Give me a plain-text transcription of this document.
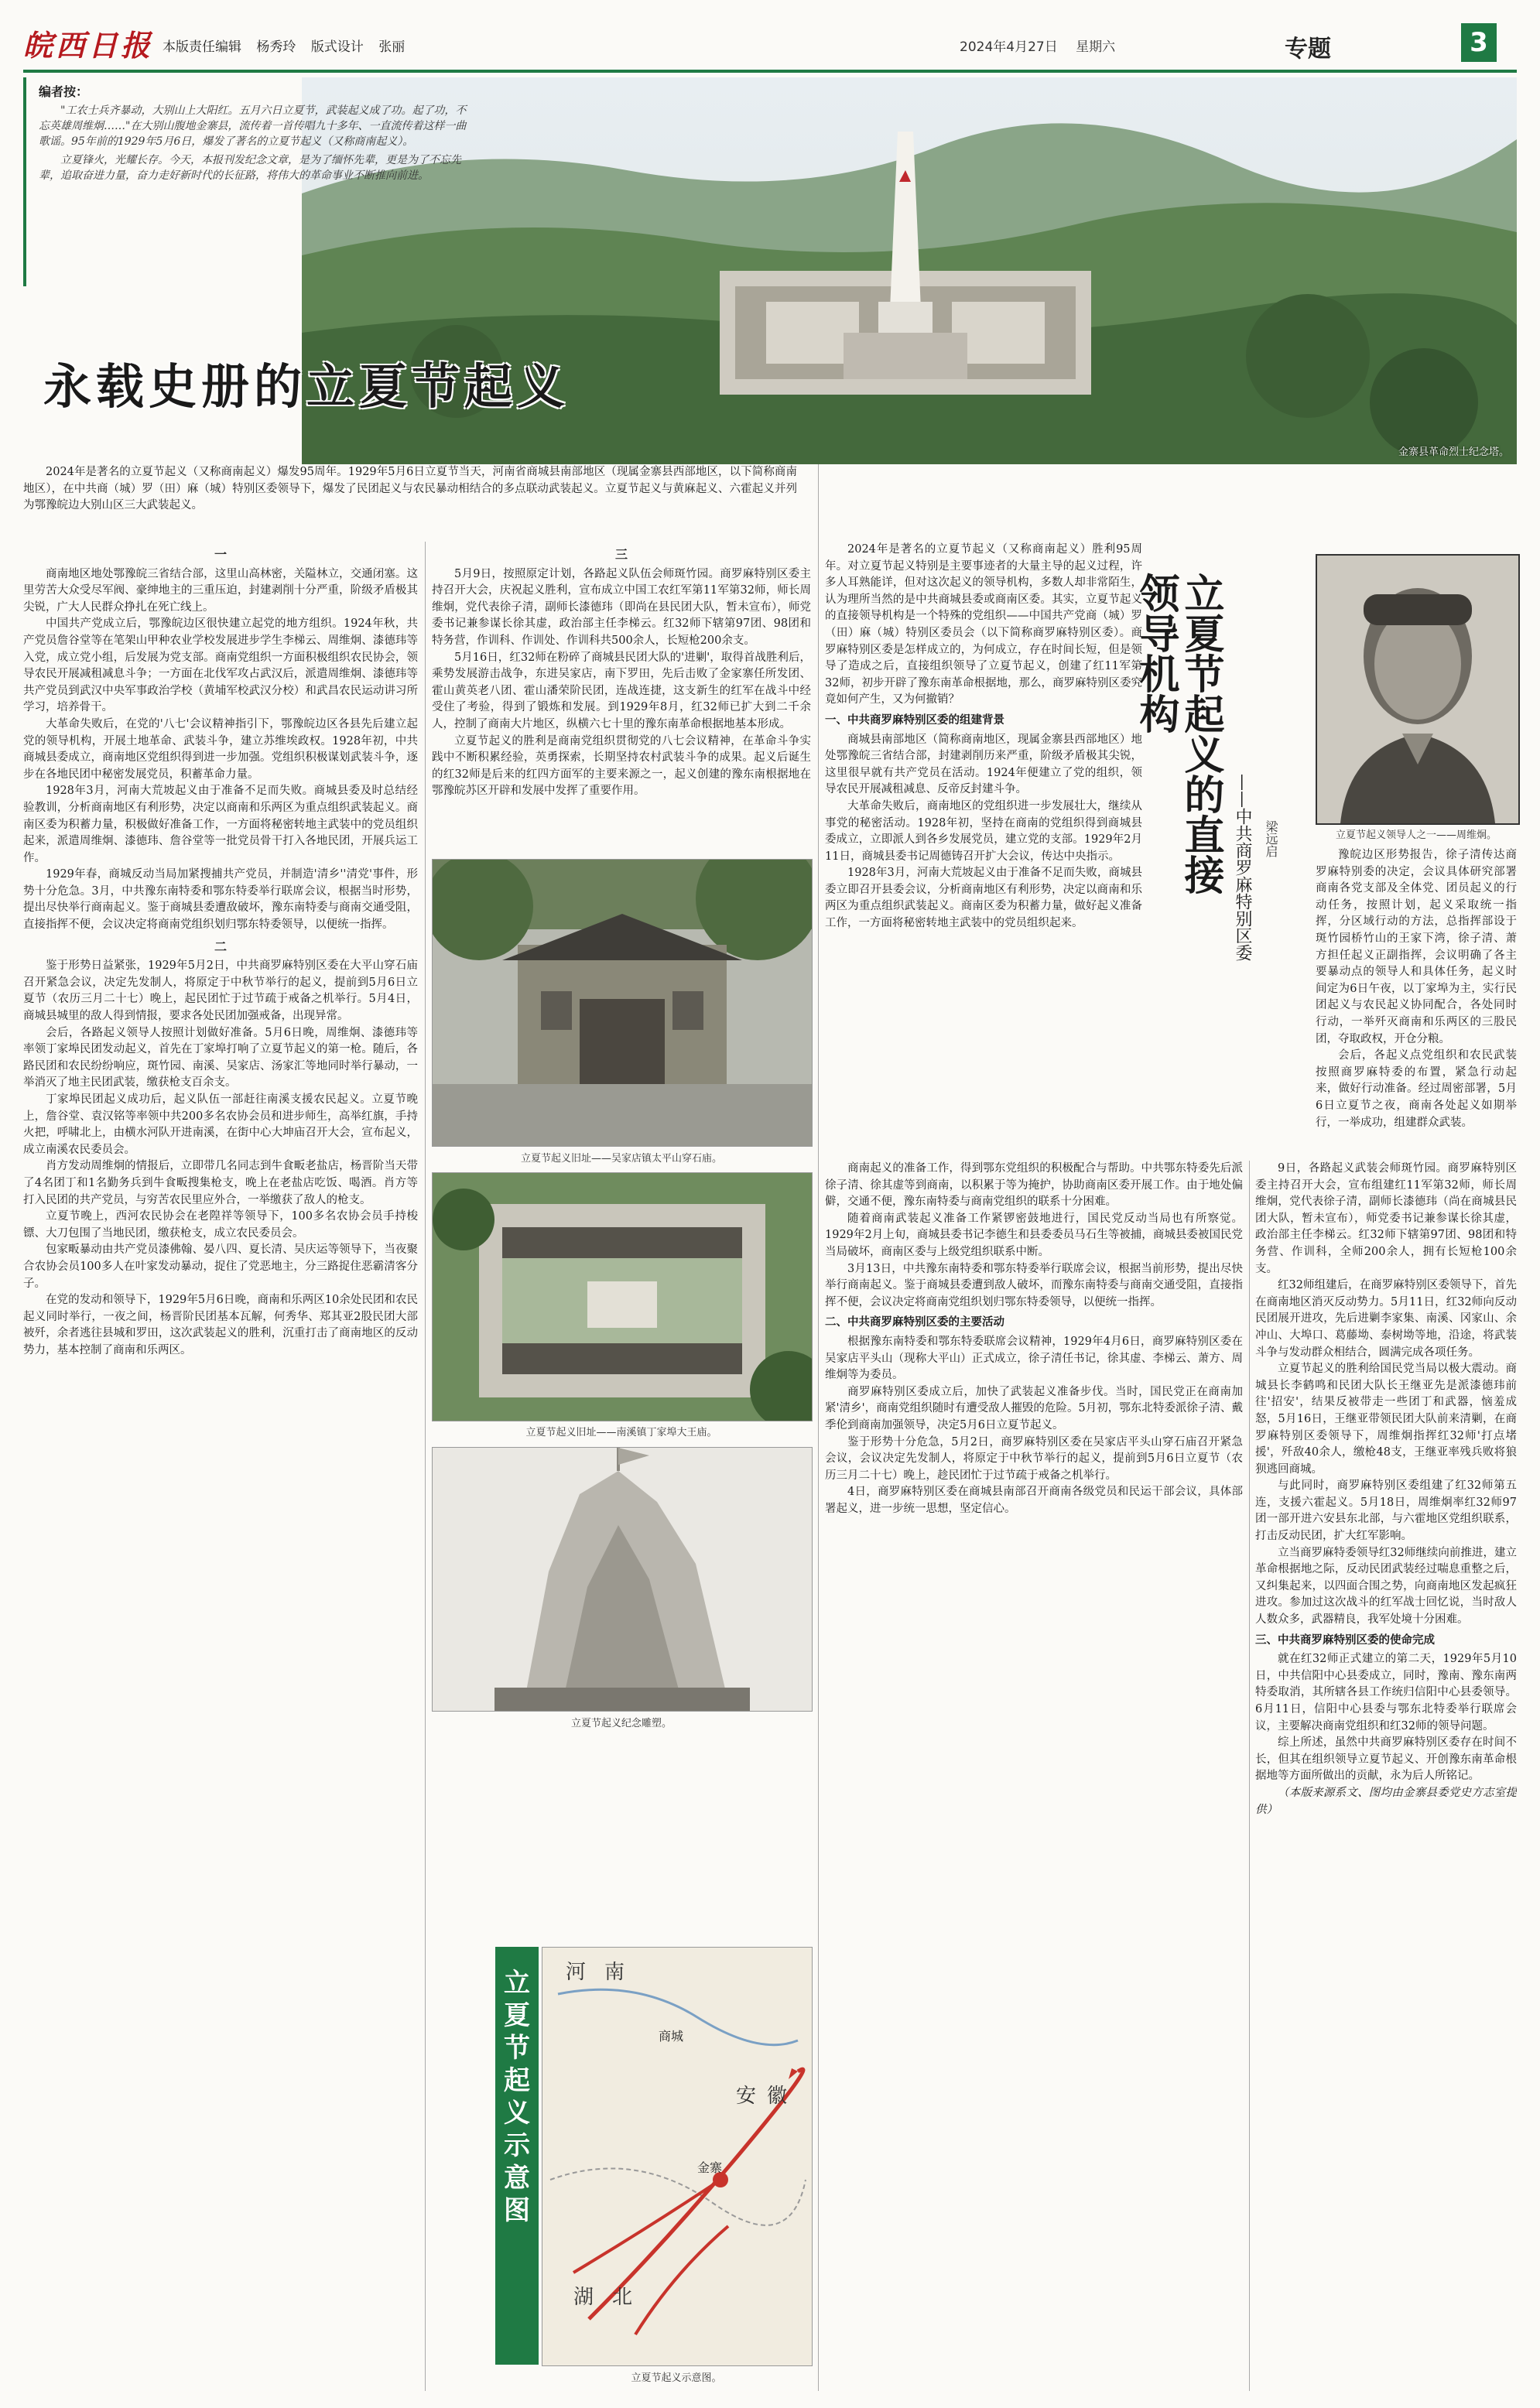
皖西日报 本版责任编辑 杨秀玲 版式设计 张丽	2024年4月27日 星期六	专题	3
金寨县革命烈士纪念塔。
编者按：

"工农士兵齐暴动，大别山上大阳红。五月六日立夏节，武装起义成了功。起了功，不忘英雄周维炯……"在大别山腹地金寨县，流传着一首传唱九十多年、一直流传着这样一曲歌谣。95年前的1929年5月6日，爆发了著名的立夏节起义（又称商南起义）。

立夏锋火，光耀长存。今天，本报刊发纪念文章，是为了缅怀先辈，更是为了不忘先辈，追取奋进力量，奋力走好新时代的长征路，将伟大的革命事业不断推向前进。

永载史册的立夏节起义

2024年是著名的立夏节起义（又称商南起义）爆发95周年。1929年5月6日立夏节当天，河南省商城县南部地区（现属金寨县西部地区，以下简称商南地区），在中共商（城）罗（田）麻（城）特别区委领导下，爆发了民团起义与农民暴动相结合的多点联动武装起义。立夏节起义与黄麻起义、六霍起义并列为鄂豫皖边大别山区三大武装起义。

一

商南地区地处鄂豫皖三省结合部，这里山高林密，关隘林立，交通闭塞。这里劳苦大众受尽军阀、豪绅地主的三重压迫，封建剥削十分严重，阶级矛盾极其尖锐，广大人民群众挣扎在死亡线上。

中国共产党成立后，鄂豫皖边区很快建立起党的地方组织。1924年秋，共产党员詹谷堂等在笔架山甲种农业学校发展进步学生李梯云、周维炯、漆德玮等入党，成立党小组，后发展为党支部。商南党组织一方面积极组织农民协会，领导农民开展减租减息斗争；一方面在北伐军攻占武汉后，派遣周维炯、漆德玮等共产党员到武汉中央军事政治学校（黄埔军校武汉分校）和武昌农民运动讲习所学习，培养骨干。

大革命失败后，在党的'八七'会议精神指引下，鄂豫皖边区各县先后建立起党的领导机构，开展土地革命、武装斗争，建立苏维埃政权。1928年初，中共商城县委成立，商南地区党组织得到进一步加强。党组织积极谋划武装斗争，逐步在各地民团中秘密发展党员，积蓄革命力量。

1928年3月，河南大荒坡起义由于准备不足而失败。商城县委及时总结经验教训，分析商南地区有利形势，决定以商南和乐两区为重点组织武装起义。商南区委为积蓄力量，积极做好准备工作，一方面将秘密转地主武装中的党员组织起来，派遣周维炯、漆德玮、詹谷堂等一批党员骨干打入各地民团，开展兵运工作。

1929年春，商城反动当局加紧搜捕共产党员，并制造'清乡''清党'事件，形势十分危急。3月，中共豫东南特委和鄂东特委举行联席会议，根据当时形势，提出尽快举行商南起义。鉴于商城县委遭敌破坏，豫东南特委与商南交通受阻，直接指挥不便，会议决定将商南党组织划归鄂东特委领导，以便统一指挥。

二

鉴于形势日益紧张，1929年5月2日，中共商罗麻特别区委在大平山穿石庙召开紧急会议，决定先发制人，将原定于中秋节举行的起义，提前到5月6日立夏节（农历三月二十七）晚上，起民团忙于过节疏于戒备之机举行。5月4日，商城县城里的敌人得到情报，要求各处民团加强戒备，出现异常。

会后，各路起义领导人按照计划做好准备。5月6日晚，周维炯、漆德玮等率领丁家埠民团发动起义，首先在丁家埠打响了立夏节起义的第一枪。随后，各路民团和农民纷纷响应，斑竹园、南溪、吴家店、汤家汇等地同时举行暴动，一举消灭了地主民团武装，缴获枪支百余支。

丁家埠民团起义成功后，起义队伍一部赶往南溪支援农民起义。立夏节晚上，詹谷堂、袁汉铭等率领中共200多名农协会员和进步师生，高举红旗，手持火把，呼啸北上，由横水河队开进南溪，在街中心大坤庙召开大会，宣布起义，成立南溪农民委员会。

肖方发动周维炯的情报后，立即带几名同志到牛食畈老盐店，杨晋阶当天带了4名团丁和1名勤务兵到牛食畈搜集枪支，晚上在老盐店吃饭、喝酒。肖方等打入民团的共产党员，与穷苦农民里应外合，一举缴获了敌人的枪支。

立夏节晚上，西河农民协会在老隍祥等领导下，100多名农协会员手持梭镖、大刀包围了当地民团，缴获枪支，成立农民委员会。

包家畈暴动由共产党员漆佛翰、晏八四、夏长清、吴庆运等领导下，当夜聚合农协会员100多人在叶家发动暴动，捉住了党恶地主，分三路捉住恶霸清客分子。

在党的发动和领导下，1929年5月6日晚，商南和乐两区10余处民团和农民起义同时举行，一夜之间，杨晋阶民团基本瓦解，何秀华、郑其亚2股民团大部被歼，余者逃往县城和罗田，这次武装起义的胜利，沉重打击了商南地区的反动势力，基本控制了商南和乐两区。

三

5月9日，按照原定计划，各路起义队伍会师斑竹园。商罗麻特别区委主持召开大会，庆祝起义胜利，宣布成立中国工农红军第11军第32师，师长周维炯，党代表徐子清，副师长漆德玮（即尚在县民团大队，暂未宣布），师党委书记兼参谋长徐其虚，政治部主任李梯云。红32师下辖第97团、98团和特务营，作训科、作训处、作训科共500余人，长短枪200余支。

5月16日，红32师在粉碎了商城县民团大队的'进剿'，取得首战胜利后，乘势发展游击战争，东进吴家店，南下罗田，先后击败了金家寨任所发团、霍山黄英老八团、霍山潘荣阶民团，连战连捷，这支新生的红军在战斗中经受住了考验，得到了锻炼和发展。到1929年8月，红32师已扩大到二千余人，控制了商南大片地区，纵横六七十里的豫东南革命根据地基本形成。

立夏节起义的胜利是商南党组织贯彻党的八七会议精神，在革命斗争实践中不断积累经验，英勇探索，长期坚持农村武装斗争的成果。起义后诞生的红32师是后来的红四方面军的主要来源之一，起义创建的豫东南根据地在鄂豫皖苏区开辟和发展中发挥了重要作用。

立夏节起义旧址——吴家店镇太平山穿石庙。
立夏节起义旧址——南溪镇丁家埠大王庙。
立夏节起义纪念雕塑。
立夏节起义示意图
河 南
安 徽
湖 北
商城
金寨
立夏节起义示意图。

2024年是著名的立夏节起义（又称商南起义）胜利95周年。对立夏节起义特别是主要事迹者的大量主导的起义过程，许多人耳熟能详，但对这次起义的领导机构，多数人却非常陌生，认为理所当然的是中共商城县委或商南区委。其实，立夏节起义的直接领导机构是一个特殊的党组织——中国共产党商（城）罗（田）麻（城）特别区委员会（以下简称商罗麻特别区委）。商罗麻特别区委是怎样成立的，为何成立，存在时间长短，但是领导了造成之后，直接组织领导了立夏节起义，创建了红11军第32师，初步开辟了豫东南革命根据地，那么，商罗麻特别区委究竟如何产生，又为何撤销？

一、中共商罗麻特别区委的组建背景

商城县南部地区（简称商南地区，现属金寨县西部地区）地处鄂豫皖三省结合部，封建剥削历来严重，阶级矛盾极其尖锐，这里很早就有共产党员在活动。1924年便建立了党的组织，领导农民开展减租减息、反帝反封建斗争。

大革命失败后，商南地区的党组织进一步发展壮大，继续从事党的秘密活动。1928年初，坚持在商南的党组织得到商城县委成立，立即派人到各乡发展党员，建立党的支部。1929年2月11日，商城县委书记周德铸召开扩大会议，传达中央指示。

1928年3月，河南大荒坡起义由于准备不足而失败，商城县委立即召开县委会议，分析商南地区有利形势，决定以商南和乐两区为重点组织武装起义。商南区委为积蓄力量，做好起义准备工作，一方面将秘密转地主武装中的党员组织起来。

立夏节起义的直接领导机构
——中共商罗麻特别区委 梁远启	立夏节起义领导人之一——周维炯。

豫皖边区形势报告，徐子清传达商罗麻特别委的决定，会议具体研究部署商南各党支部及全体党、团员起义的行动任务，按照计划，起义采取统一指挥，分区域行动的方法，总指挥部设于斑竹园桥竹山的王家下湾，徐子清、萧方担任起义正副指挥，会议明确了各主要暴动点的领导人和具体任务，起义时间定为6日午夜，以丁家埠为主，实行民团起义与农民起义协同配合，各处同时行动，一举歼灭商南和乐两区的三股民团，夺取政权，开仓分粮。

会后，各起义点党组织和农民武装按照商罗麻特委的布置，紧急行动起来，做好行动准备。经过周密部署，5月6日立夏节之夜，商南各处起义如期举行，一举成功，组建群众武装。

商南起义的准备工作，得到鄂东党组织的积极配合与帮助。中共鄂东特委先后派徐子清、徐其虚等到商南，以积累于等为掩护，协助商南区委开展工作。由于地处偏僻，交通不便，豫东南特委与商南党组织的联系十分困难。

随着商南武装起义准备工作紧锣密鼓地进行，国民党反动当局也有所察觉。1929年2月上旬，商城县委书记李德生和县委委员马石生等被捕，商城县委被国民党当局破坏，商南区委与上级党组织联系中断。

3月13日，中共豫东南特委和鄂东特委举行联席会议，根据当前形势，提出尽快举行商南起义。鉴于商城县委遭到敌人破坏，而豫东南特委与商南交通受阻，直接指挥不便，会议决定将商南党组织划归鄂东特委领导，以便统一指挥。

二、中共商罗麻特别区委的主要活动

根据豫东南特委和鄂东特委联席会议精神，1929年4月6日，商罗麻特别区委在吴家店平头山（现称大平山）正式成立，徐子清任书记，徐其虚、李梯云、萧方、周维炯等为委员。

商罗麻特别区委成立后，加快了武装起义准备步伐。当时，国民党正在商南加紧'清乡'，商南党组织随时有遭受敌人摧毁的危险。5月初，鄂东北特委派徐子清、戴季伦到商南加强领导，决定5月6日立夏节起义。

鉴于形势十分危急，5月2日，商罗麻特别区委在吴家店平头山穿石庙召开紧急会议，会议决定先发制人，将原定于中秋节举行的起义，提前到5月6日立夏节（农历三月二十七）晚上，趁民团忙于过节疏于戒备之机举行。

4日，商罗麻特别区委在商城县南部召开商南各级党员和民运干部会议，具体部署起义，进一步统一思想，坚定信心。

9日，各路起义武装会师斑竹园。商罗麻特别区委主持召开大会，宣布组建红11军第32师，师长周维炯，党代表徐子清，副师长漆德玮（尚在商城县民团大队，暂未宣布），师党委书记兼参谋长徐其虚，政治部主任李梯云。红32师下辖第97团、98团和特务营、作训科，全师200余人，拥有长短枪100余支。

红32师组建后，在商罗麻特别区委领导下，首先在商南地区消灭反动势力。5月11日，红32师向反动民团展开进攻，先后进剿李家集、南溪、冈家山、余冲山、大埠口、葛藤坳、泰树坳等地，沿途，将武装斗争与发动群众相结合，圆满完成各项任务。

立夏节起义的胜利给国民党当局以极大震动。商城县长李鹤鸣和民团大队长王继亚先是派漆德玮前往'招安'，结果反被带走一些团丁和武器，恼羞成怒，5月16日，王继亚带领民团大队前来清剿，在商罗麻特别区委领导下，周维炯指挥红32师'打点堵援'，歼敌40余人，缴枪48支，王继亚率残兵败将狼狈逃回商城。

与此同时，商罗麻特别区委组建了红32师第五连，支援六霍起义。5月18日，周维炯率红32师97团一部开进六安县东北部，与六霍地区党组织联系，打击反动民团，扩大红军影响。

立当商罗麻特委领导红32师继续向前推进，建立革命根据地之际，反动民团武装经过喘息重整之后，又纠集起来，以四面合围之势，向商南地区发起疯狂进攻。参加过这次战斗的红军战士回忆说，当时敌人人数众多，武器精良，我军处境十分困难。

三、中共商罗麻特别区委的使命完成

就在红32师正式建立的第二天，1929年5月10日，中共信阳中心县委成立，同时，豫南、豫东南两特委取消，其所辖各县工作统归信阳中心县委领导。6月11日，信阳中心县委与鄂东北特委举行联席会议，主要解决商南党组织和红32师的领导问题。

综上所述，虽然中共商罗麻特别区委存在时间不长，但其在组织领导立夏节起义、开创豫东南革命根据地等方面所做出的贡献，永为后人所铭记。

（本版来源系文、图均由金寨县委党史方志室提供）
